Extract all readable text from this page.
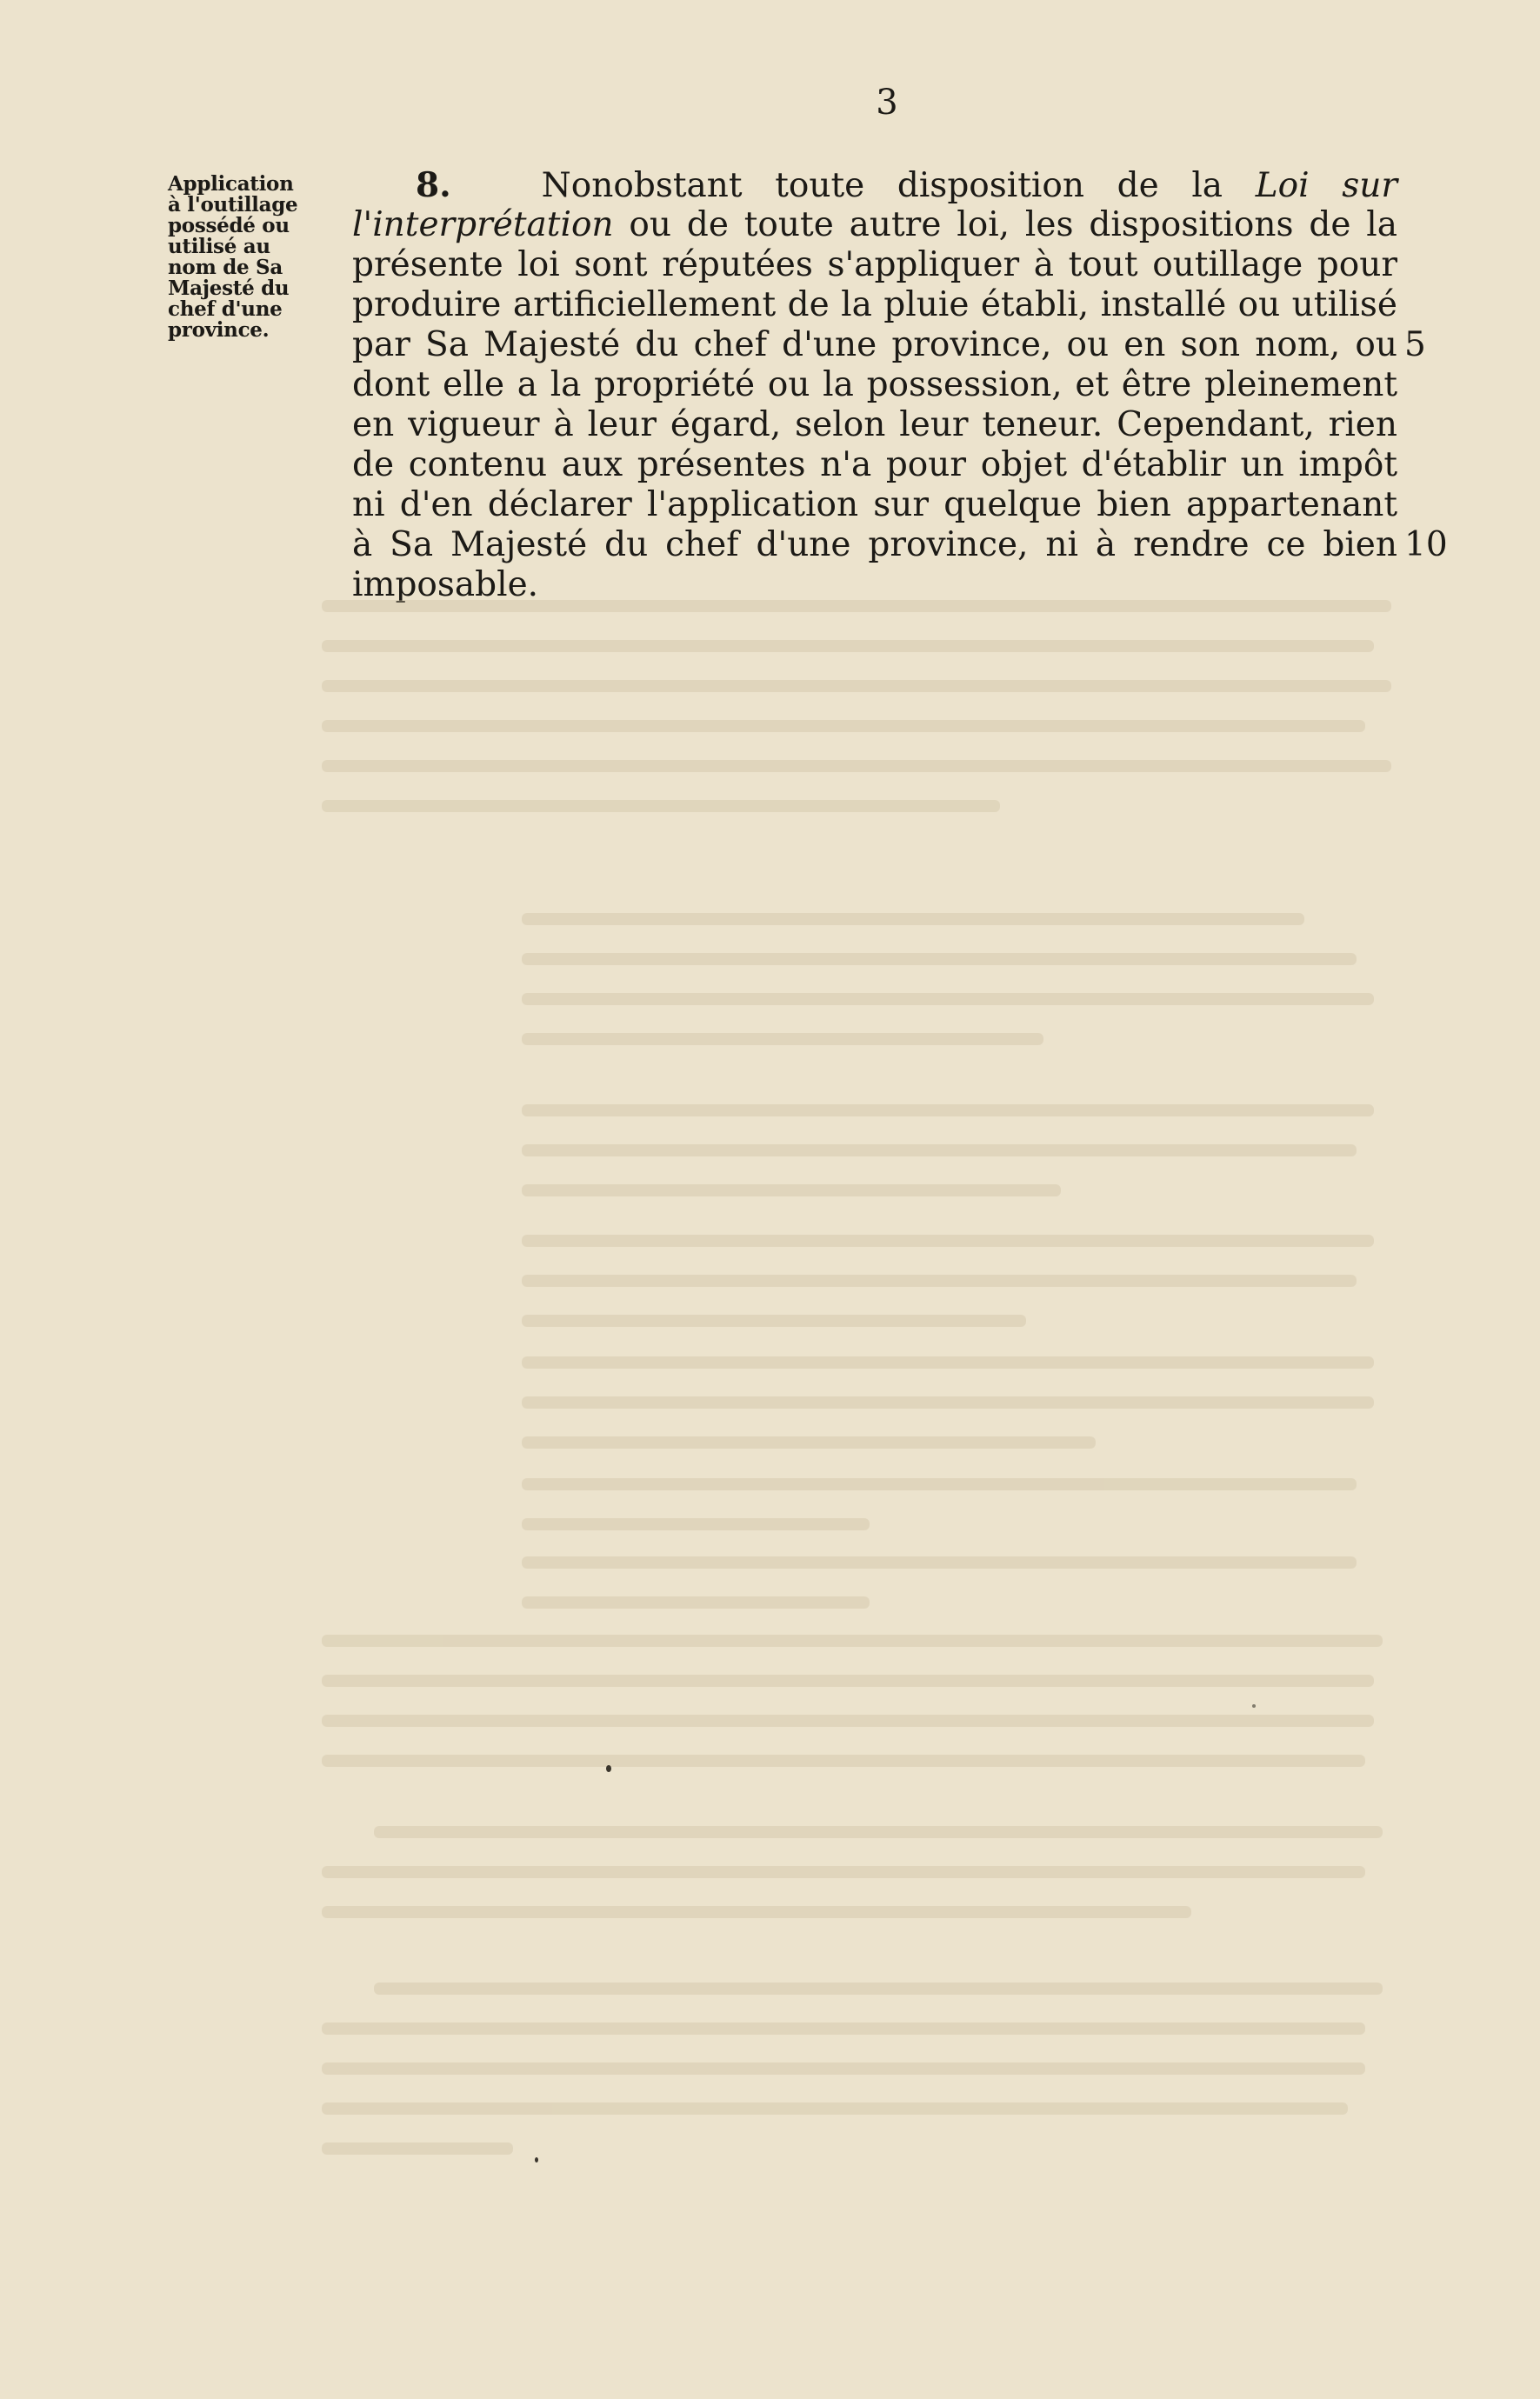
3
Application
à l'outillage
possédé ou
utilisé au
nom de Sa
Majesté du
chef d'une
province.
8.	Nonobstant toute disposition de la Loi sur
l'interprétation ou de toute autre loi, les dispositions de la
présente loi sont réputées s'appliquer à tout outillage pour
produire artificiellement de la pluie établi, installé ou utilisé
par Sa Majesté du chef d'une province, ou en son nom, ou
dont elle a la propriété ou la possession, et être pleinement
en vigueur à leur égard, selon leur teneur. Cependant, rien
de contenu aux présentes n'a pour objet d'établir un impôt
ni d'en déclarer l'application sur quelque bien appartenant
à Sa Majesté du chef d'une province, ni à rendre ce bien
imposable.
5
10
